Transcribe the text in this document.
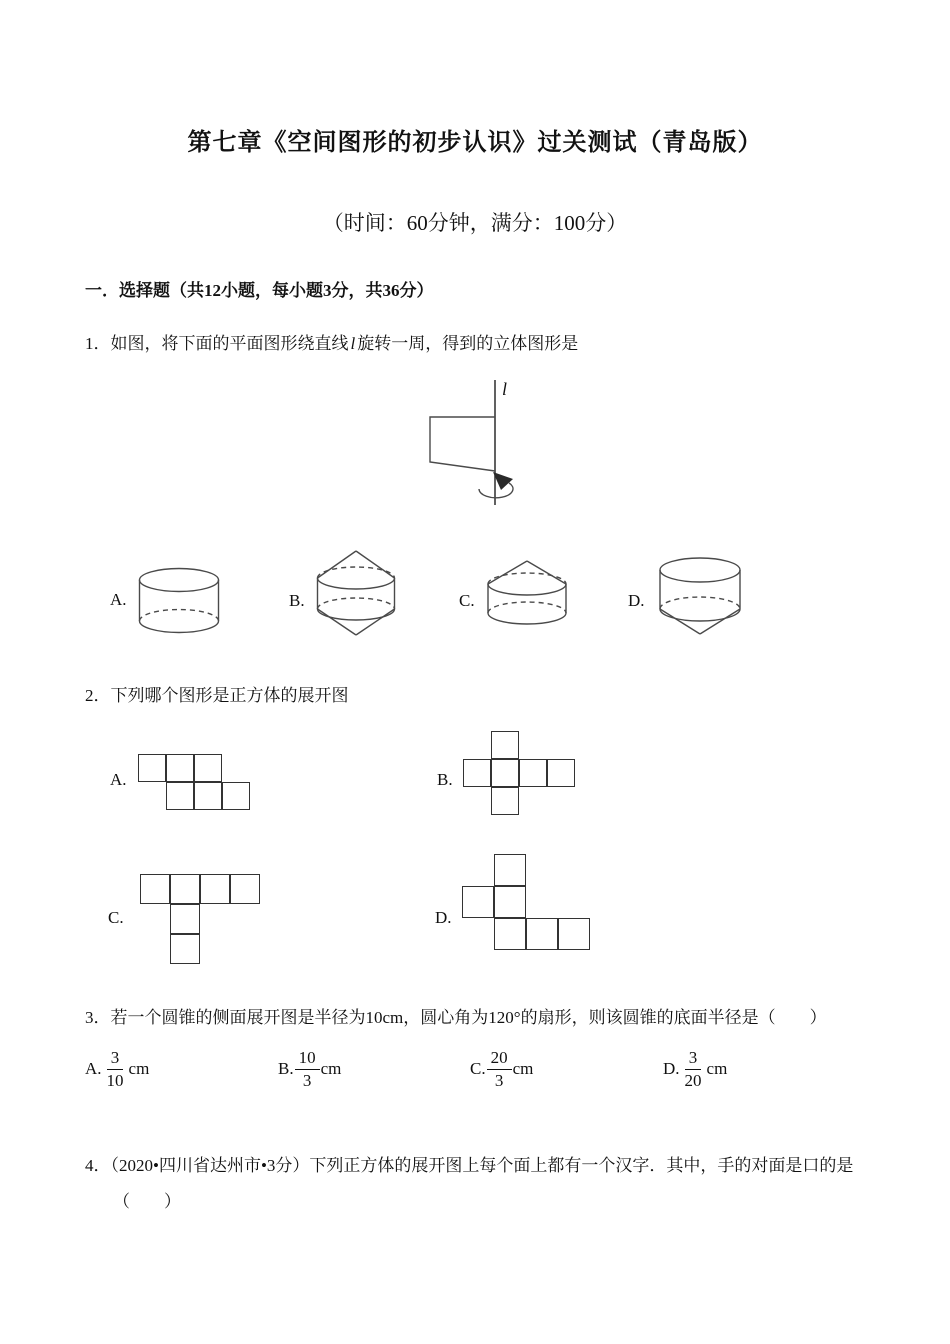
第七章《空间图形的初步认识》过关测试（青岛版）
（时间：60分钟，满分：100分）
一．选择题（共12小题，每小题3分，共36分）
1．如图，将下面的平面图形绕直线 l 旋转一周，得到的立体图形是
l
A.	B.	C.	D.
2．下列哪个图形是正方体的展开图
A.	B.
C.	D.
3．若一个圆锥的侧面展开图是半径为10cm，圆心角为120°的扇形，则该圆锥的底面半径是（　　）
A. $\frac{3}{10}$ cm	B. $\frac{10}{3}$ cm	C. $\frac{20}{3}$ cm	D. $\frac{3}{20}$ cm
4．（2020•四川省达州市•3分）下列正方体的展开图上每个面上都有一个汉字．其中，手的对面是口的是
（　　）
